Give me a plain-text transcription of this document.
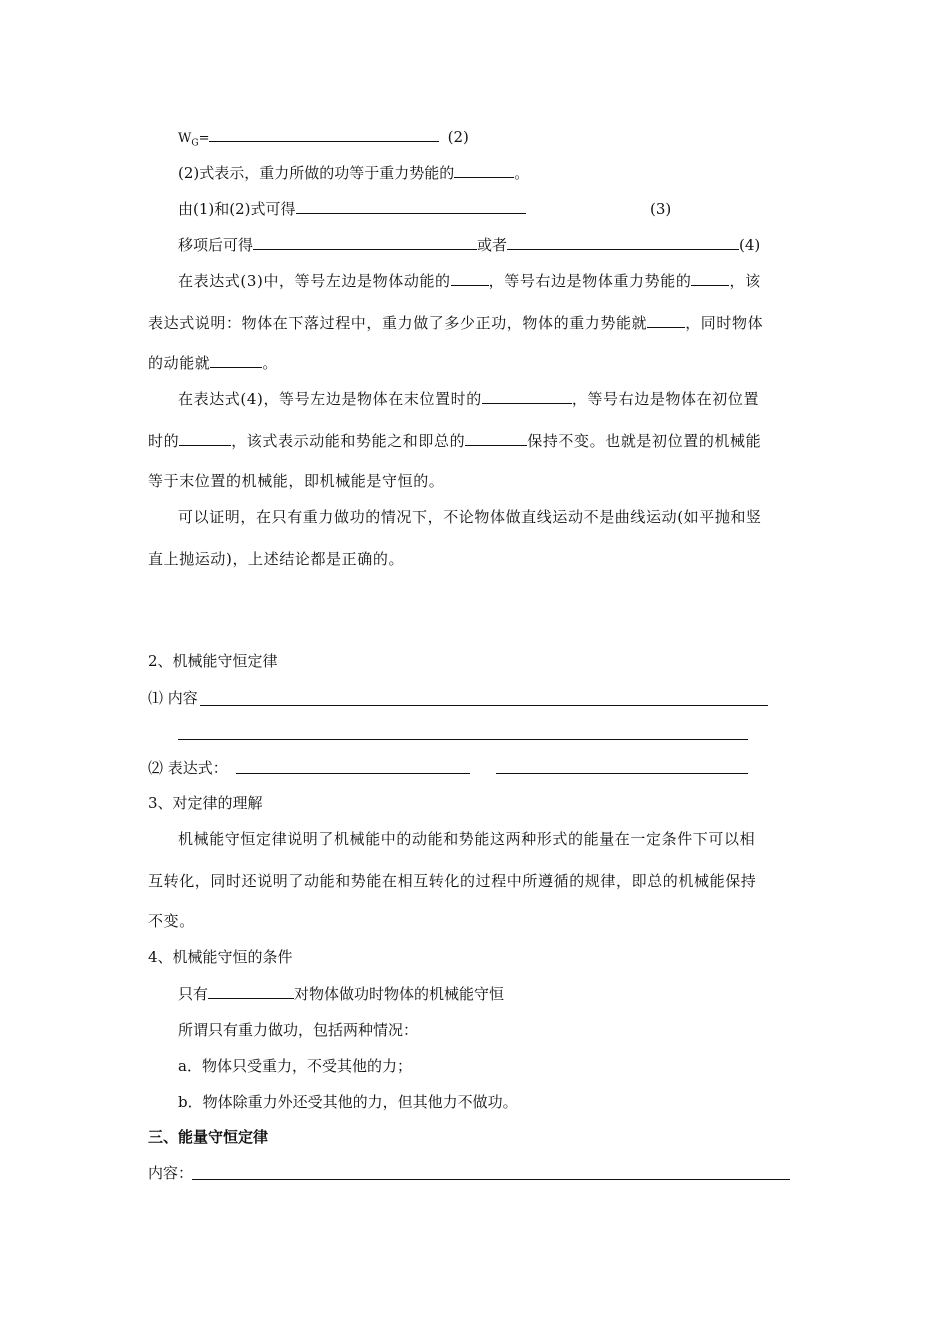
$W_G=$	(2)
(2)式表示，重力所做的功等于重力势能的	。
由(1)和(2)式可得	(3)
移项后可得	或者	(4)
在表达式(3)中，等号左边是物体动能的	，等号右边是物体重力势能的	，该
表达式说明：物体在下落过程中，重力做了多少正功，物体的重力势能就	，同时物体
的动能就	。
在表达式(4)，等号左边是物体在末位置时的	，等号右边是物体在初位置
时的	，该式表示动能和势能之和即总的	保持不变。也就是初位置的机械能
等于末位置的机械能，即机械能是守恒的。
可以证明，在只有重力做功的情况下，不论物体做直线运动不是曲线运动(如平抛和竖
直上抛运动)，上述结论都是正确的。
2、机械能守恒定律
⑴ 内容
⑵ 表达式：
3、对定律的理解
机械能守恒定律说明了机械能中的动能和势能这两种形式的能量在一定条件下可以相
互转化，同时还说明了动能和势能在相互转化的过程中所遵循的规律，即总的机械能保持
不变。
4、机械能守恒的条件
只有	对物体做功时物体的机械能守恒
所谓只有重力做功，包括两种情况：
a．物体只受重力，不受其他的力；
b．物体除重力外还受其他的力，但其他力不做功。
三、能量守恒定律
内容：
